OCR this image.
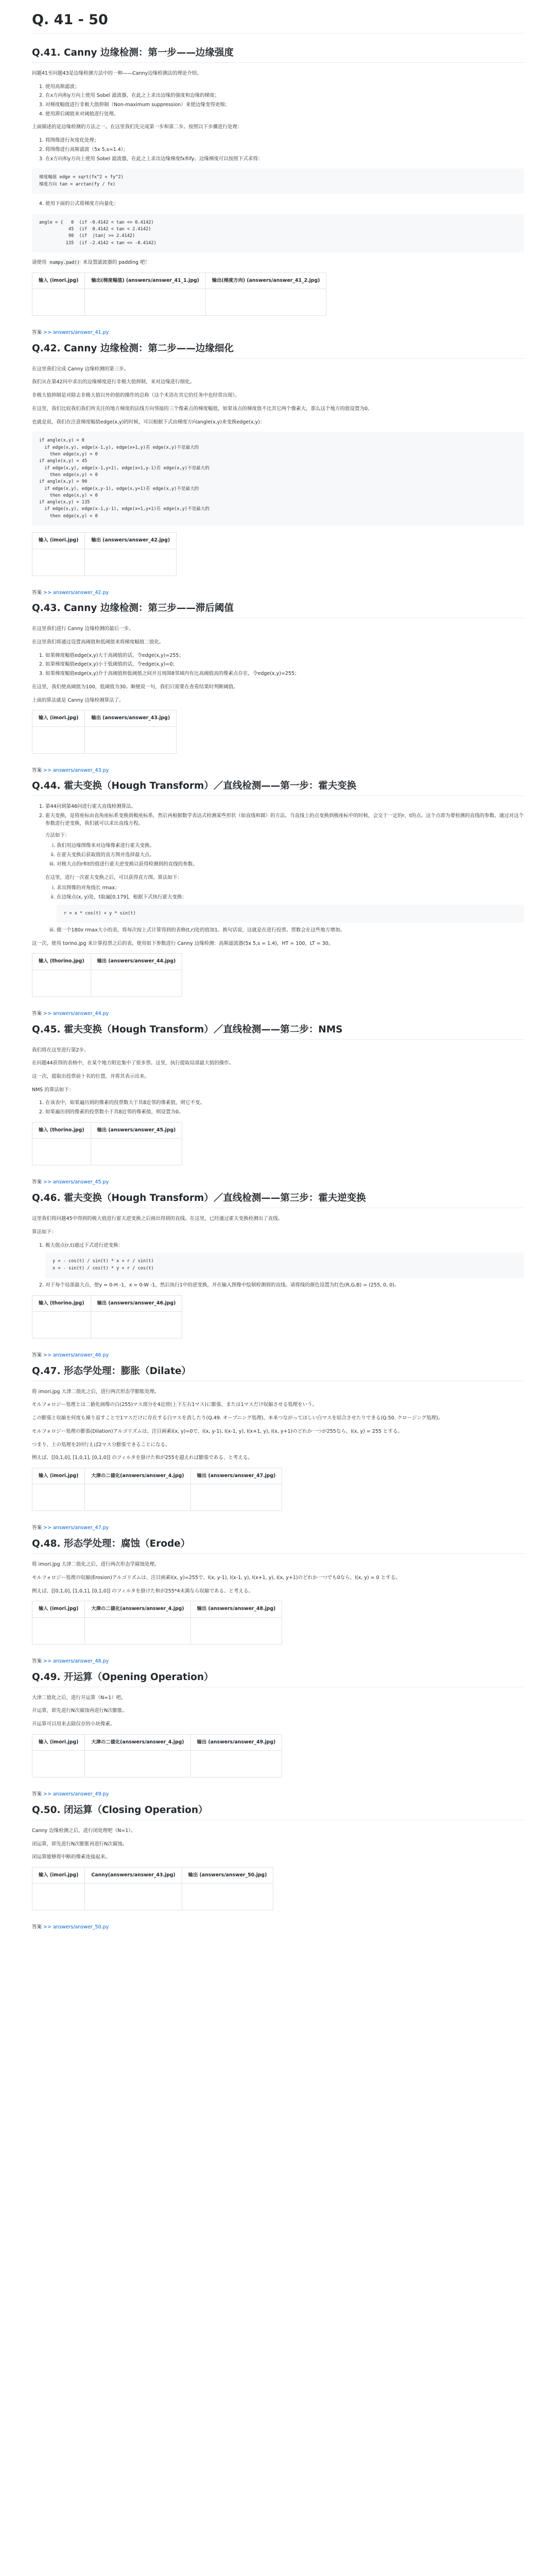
Q. 41 - 50
Q.41. Canny 边缘检测：第一步——边缘强度

问题41至问题43是边缘检测方法中的一种——Canny边缘检测法的理论介绍。

1. 使用高斯滤波；
2. 在x方向和y方向上使用 Sobel 滤波器，在此之上求出边缘的强度和边缘的梯度；
3. 对梯度幅值进行非极大值抑制（Non-maximum suppression）来使边缘变得更细；
4. 使用滞后阈值来对阈值进行处理。

上面描述的是边缘检测的方法之一。在这里我们先完成第一步和第二步。按照以下步骤进行处理：

1. 将图像进行灰度化处理；
2. 将图像进行高斯滤波（5x 5,s=1.4）；
3. 在x方向和y方向上使用 Sobel 滤波器，在此之上求出边缘梯度fx和fy。边缘梯度可以按照下式求得：
梯度幅值 edge = sqrt(fx^2 + fy^2)
梯度方向 tan = arctan(fy / fx)
4. 使用下面的公式将梯度方向量化：
angle = {   0  (if -0.4142 < tan <= 0.4142)
45  (if  0.4142 < tan < 2.4142)
90  (if  |tan| >= 2.4142)
135  (if -2.4142 < tan <= -0.4142)

请使用 numpy.pad() 来设置滤波器的 padding 吧！

输入 (imori.jpg)	输出(梯度幅值) (answers/answer_41_1.jpg)	输出(梯度方向) (answers/answer_41_2.jpg)

答案 >> answers/answer_41.py

Q.42. Canny 边缘检测：第二步——边缘细化

在这里我们完成 Canny 边缘检测的第三步。

我们从在第42问中求出的边缘梯度进行非极大值抑制，来对边缘进行细化。

非极大值抑制是对除去非极大值以外的值的操作的总称（这个术语在其它的任务中也经常出现）。

在这里，我们比较我们我们所关注的地方梯度的法线方向邻接的三个像素点的梯度幅值，如果该点的梯度值不比其它两个像素大，那么这个地方的值设置为0。

也就是说，我们在注意梯度幅值edge(x,y)的时候，可以根据下式由梯度方向angle(x,y)来变换edge(x,y)：

if angle(x,y) = 0
if edge(x,y), edge(x-1,y), edge(x+1,y)若 edge(x,y)不是最大的
then edge(x,y) = 0
if angle(x,y) = 45
if edge(x,y), edge(x-1,y+1), edge(x+1,y-1)若 edge(x,y)不是最大的
then edge(x,y) = 0
if angle(x,y) = 90
if edge(x,y), edge(x,y-1), edge(x,y+1)若 edge(x,y)不是最大的
then edge(x,y) = 0
if angle(x,y) = 135
if edge(x,y), edge(x-1,y-1), edge(x+1,y+1)若 edge(x,y)不是最大的
then edge(x,y) = 0
输入 (imori.jpg)	输出 (answers/answer_42.jpg)

答案 >> answers/answer_42.py

Q.43. Canny 边缘检测：第三步——滞后阈值

在这里我们进行 Canny 边缘检测的最后一步。

在这里我们将通过设置高阈值和低阈值来将梯度幅值二值化。

1. 如果梯度幅值edge(x,y)大于高阈值的话，令edge(x,y)=255；
2. 如果梯度幅值edge(x,y)小于低阈值的话，令edge(x,y)=0；
3. 如果梯度幅值edge(x,y)介于高阈值和低阈值之间并且周围8邻域内有比高阈值高的像素点存在，令edge(x,y)=255；

在这里，我们使高阈值为100，低阈值为30。顺便说一句，我们只需要在查看结果时判断阈值。

上面的算法就是 Canny 边缘检测算法了。

输入 (imori.jpg)	输出 (answers/answer_43.jpg)

答案 >> answers/answer_43.py

Q.44. 霍夫变换（Hough Transform）／直线检测——第一步：霍夫变换
1. 第44问到第46问进行霍夫直线检测算法。
2. 霍夫变换，是将座标由直角座标系变换到极座标系，然后再根据数学表达式检测某些形状（如直线和圆）的方法。当直线上的点变换到极座标中的时候，会交于一定的r、t的点。这个点即为要检测的直线的参数。通过对这个参数进行逆变换，我们就可以求出直线方程。

方法如下：

i. 我们用边缘图像来对边缘像素进行霍夫变换。
ii. 在霍夫变换后获取值的直方图并选择最大点。
iii. 对极大点的r和t的值进行霍夫逆变换以获得检测到的直线的参数。

在这里，进行一次霍夫变换之后，可以获得直方图。算法如下：

i. 求出图像的对角线长 rmax；
ii. 在边缘点(x, y)处，t取遍[0,179]，根据下式执行霍夫变换：
r = x * cos(t) + y * sin(t)
iii. 做一个180x rmax大小的表，将每次按上式计算得到的表格(t,r)处的值加1。换句话说，这就是在进行投票。票数会在这些地方增加。

这一次，使用 torino.jpg 来计算投票之后的表。使用如下参数进行 Canny 边缘检测：高斯滤波器(5x 5,s = 1.4)，HT = 100，LT = 30。

输入 (thorino.jpg)	输出 (answers/answer_44.jpg)

答案 >> answers/answer_44.py

Q.45. 霍夫变换（Hough Transform）／直线检测——第二步：NMS

我们将在这里进行第2步。

在问题44获得的表格中，在某个地方附近集中了很多票。这里，执行提取局部最大值的操作。

这一次，提取出投票前十名的位置，并将其表示出来。

NMS 的算法如下：

1. 在该表中，如果遍历到的像素的投票数大于其8近邻的像素值，则它不变。
2. 如果遍历到的像素的投票数小于其8近邻的像素值，则设置为0。
输入 (thorino.jpg)	输出 (answers/answer_45.jpg)

答案 >> answers/answer_45.py

Q.46. 霍夫变换（Hough Transform）／直线检测——第三步：霍夫逆变换

这里我们将问题45中得到的极大值进行霍夫逆变换之后画出得到的直线。在这里，已经通过霍夫变换检测出了直线。

算法如下：

1. 极大值点(r,t)通过下式进行逆变换：
y = - cos(t) / sin(t) * x + r / sin(t)
x = - sin(t) / cos(t) * y + r / cos(t)
2. 对于每个局部最大点，使y = 0-H -1，x = 0-W -1，然后执行1中的逆变换，并在输入图像中绘制检测到的直线。请将线的颜色设置为红色(R,G,B) = (255, 0, 0)。
输入 (thorino.jpg)	输出 (answers/answer_46.jpg)

答案 >> answers/answer_46.py

Q.47. 形态学处理：膨胀（Dilate）

将 imori.jpg 大津二值化之后，进行两次形态学膨胀处理。

モルフォロジー処理とは二値化画像の白(255)マス部分を4近傍(上下左右1マス)に膨張、または1マスだけ収縮させる処理をいう。

この膨張と収縮を何度も繰り返すことで1マスだけに存在する白マスを消したり(Q.49. オープニング処理)、本来つながってほしい白マスを結合させたりできる(Q.50. クロージング処理)。

モルフォロジー処理の膨張(Dilation)アルゴリズムは、注目画素I(x, y)=0で、I(x, y-1), I(x-1, y), I(x+1, y), I(x, y+1)のどれか一つが255なら、I(x, y) = 255 とする。

つまり、上の処理を2回行えば2マス分膨張できることになる。

例えば、[[0,1,0], [1,0,1], [0,1,0]] のフィルタを掛けた和が255を超えれば膨張である、と考える。

输入 (imori.jpg)	大津の二値化(answers/answer_4.jpg)	输出 (answers/answer_47.jpg)

答案 >> answers/answer_47.py

Q.48. 形态学处理：腐蚀（Erode）

将 imori.jpg 大津二值化之后，进行两次形态学腐蚀处理。

モルフォロジー処理の収縮(Erosion)アルゴリズムは、注目画素I(x, y)=255で、I(x, y-1), I(x-1, y), I(x+1, y), I(x, y+1)のどれか一つでも0なら、I(x, y) = 0 とする。

例えば、[[0,1,0], [1,0,1], [0,1,0]] のフィルタを掛けた和が255*4未満なら収縮である、と考える。

输入 (imori.jpg)	大津の二値化(answers/answer_4.jpg)	输出 (answers/answer_48.jpg)

答案 >> answers/answer_48.py

Q.49. 开运算（Opening Operation）

大津二值化之后，进行开运算（N=1）吧。

开运算，即先进行N次腐蚀再进行N次膨胀。

开运算可以用来去除仅存的小块像素。

输入 (imori.jpg)	大津の二値化(answers/answer_4.jpg)	输出 (answers/answer_49.jpg)

答案 >> answers/answer_49.py

Q.50. 闭运算（Closing Operation）

Canny 边缘检测之后，进行闭处理吧（N=1）。

闭运算，即先进行N次膨胀再进行N次腐蚀。

闭运算能够将中断的像素连接起来。

输入 (imori.jpg)	Canny(answers/answer_43.jpg)	输出 (answers/answer_50.jpg)

答案 >> answers/answer_50.py
